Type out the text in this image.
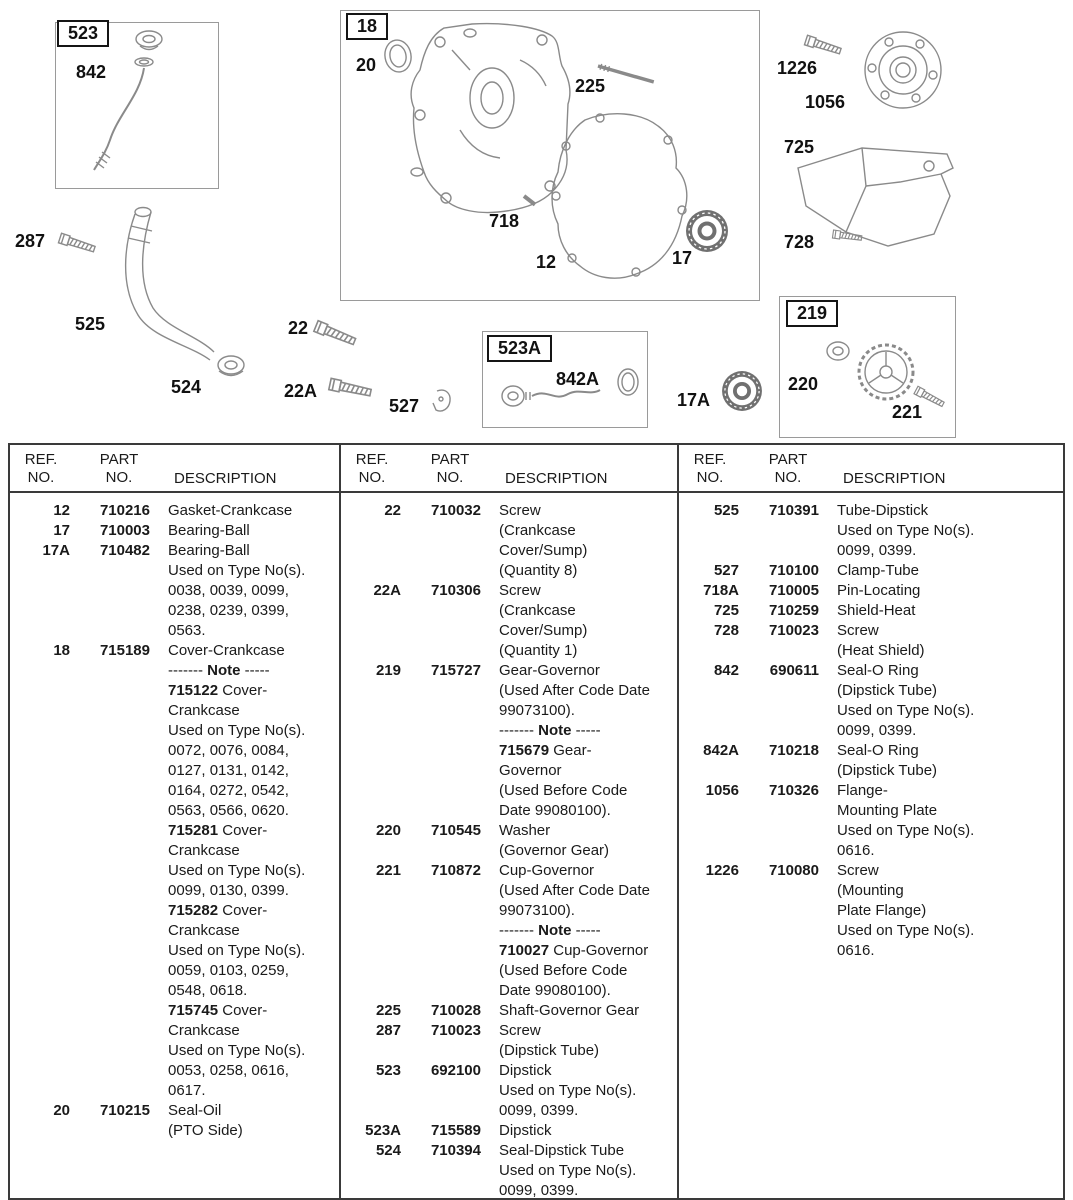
523
842
287
525
524
18
20
225
718
12	17
22
22A
527
523A
842A
17A
1226
1056
725
728
219
220
221
REF.
NO.
PART
NO.	DESCRIPTION
12	710216 Gasket-Crankcase
17	710003 Bearing-Ball
17A	710482 Bearing-Ball
Used on Type No(s).
0038, 0039, 0099,
0238, 0239, 0399,
0563.
18	715189 Cover-Crankcase
------- Note -----
715122 Cover-
Crankcase
Used on Type No(s).
0072, 0076, 0084,
0127, 0131, 0142,
0164, 0272, 0542,
0563, 0566, 0620.
715281 Cover-
Crankcase
Used on Type No(s).
0099, 0130, 0399.
715282 Cover-
Crankcase
Used on Type No(s).
0059, 0103, 0259,
0548, 0618.
715745 Cover-
Crankcase
Used on Type No(s).
0053, 0258, 0616,
0617.
20	710215 Seal-Oil
(PTO Side)
REF.
NO.
PART
NO.	DESCRIPTION
22	710032 Screw
(Crankcase
Cover/Sump)
(Quantity 8)
22A	710306 Screw
(Crankcase
Cover/Sump)
(Quantity 1)
219	715727 Gear-Governor
(Used After Code Date
99073100).
------- Note -----
715679 Gear-
Governor
(Used Before Code
Date 99080100).
220	710545 Washer
(Governor Gear)
221	710872 Cup-Governor
(Used After Code Date
99073100).
------- Note -----
710027 Cup-Governor
(Used Before Code
Date 99080100).
225	710028 Shaft-Governor Gear
287	710023 Screw
(Dipstick Tube)
523	692100 Dipstick
Used on Type No(s).
0099, 0399.
523A	715589 Dipstick
524	710394 Seal-Dipstick Tube
Used on Type No(s).
0099, 0399.
REF.
NO.
PART
NO.	DESCRIPTION
525	710391 Tube-Dipstick
Used on Type No(s).
0099, 0399.
527	710100 Clamp-Tube
718A	710005 Pin-Locating
725	710259 Shield-Heat
728	710023 Screw
(Heat Shield)
842	690611 Seal-O Ring
(Dipstick Tube)
Used on Type No(s).
0099, 0399.
842A	710218 Seal-O Ring
(Dipstick Tube)
1056	710326 Flange-
Mounting Plate
Used on Type No(s).
0616.
1226	710080 Screw
(Mounting
Plate Flange)
Used on Type No(s).
0616.
